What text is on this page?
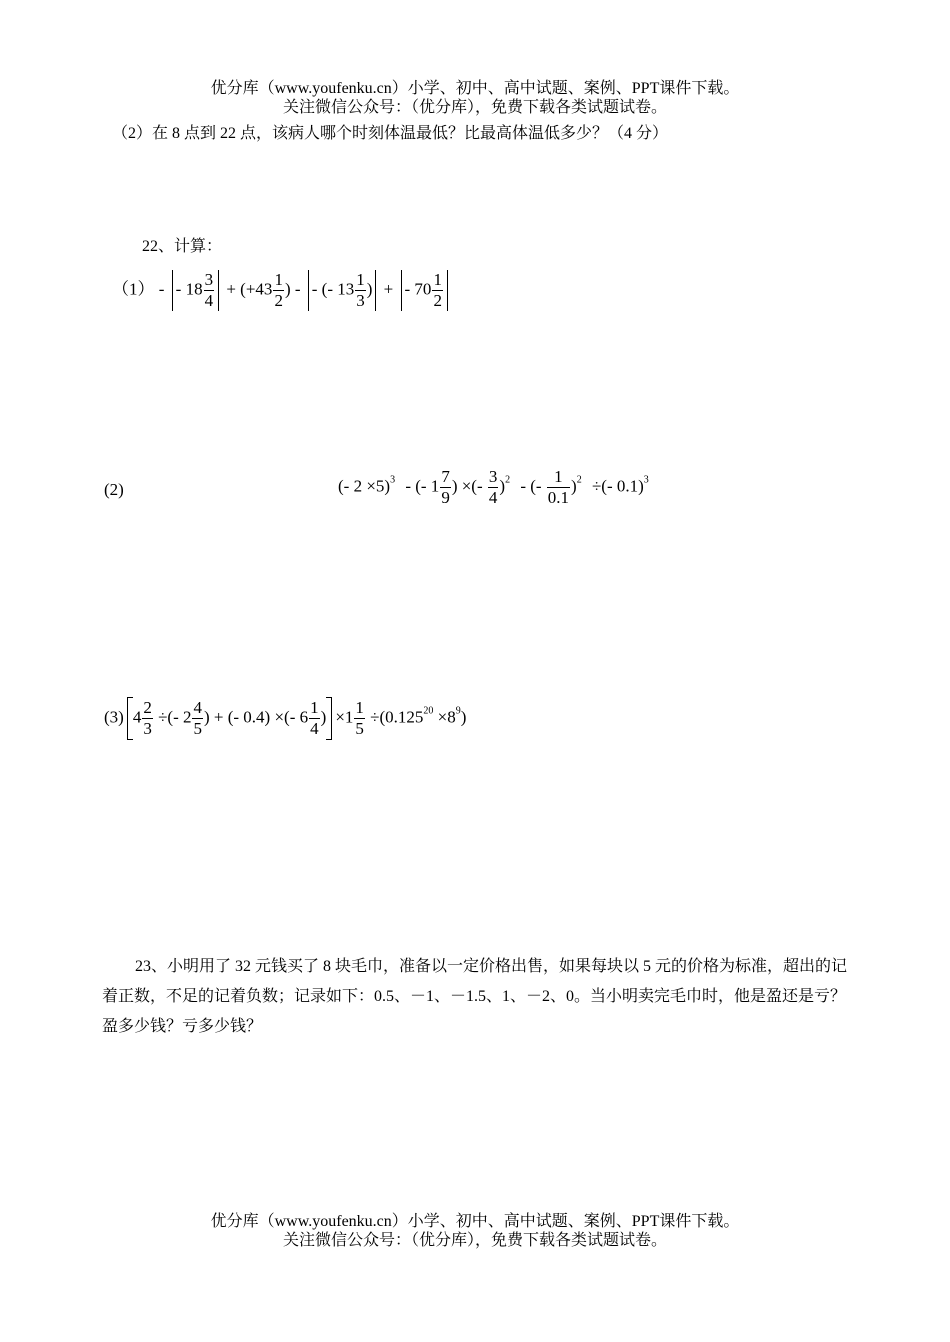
优分库（www.youfenku.cn）小学、初中、高中试题、案例、PPT课件下载。
关注微信公众号：（优分库），免费下载各类试题试卷。
（2）在 8 点到 22 点，该病人哪个时刻体温最低？比最高体温低多少？（4 分）
22、计算：
（1） - - $18 \frac{3}{4} + (+43 \frac{1}{2}$ ) - - (- $13 \frac{1}{3}$ ) + - $70 \frac{1}{2}$
(2)	(- 2 ×5)$^3$ - (- $1 \frac{7}{9}$ ) ×(- $\frac{3}{4} )^2$ - (- $\frac{1}{0.1} )^2$ ÷(- 0.1)$^3$
(3) $4 \frac{2}{3}$ ÷(- $2 \frac{4}{5}$ ) + (- 0.4) ×(- $6 \frac{1}{4}$ ) $\times 1 \frac{1}{5} \div(0.125^{20} \times 8^9)$
23、小明用了 32 元钱买了 8 块毛巾，准备以一定价格出售，如果每块以 5 元的价格为标准，超出的记着正数，不足的记着负数；记录如下：0.5、－1、－1.5、1、－2、0。当小明卖完毛巾时，他是盈还是亏？盈多少钱？亏多少钱？
优分库（www.youfenku.cn）小学、初中、高中试题、案例、PPT课件下载。
关注微信公众号：（优分库），免费下载各类试题试卷。
